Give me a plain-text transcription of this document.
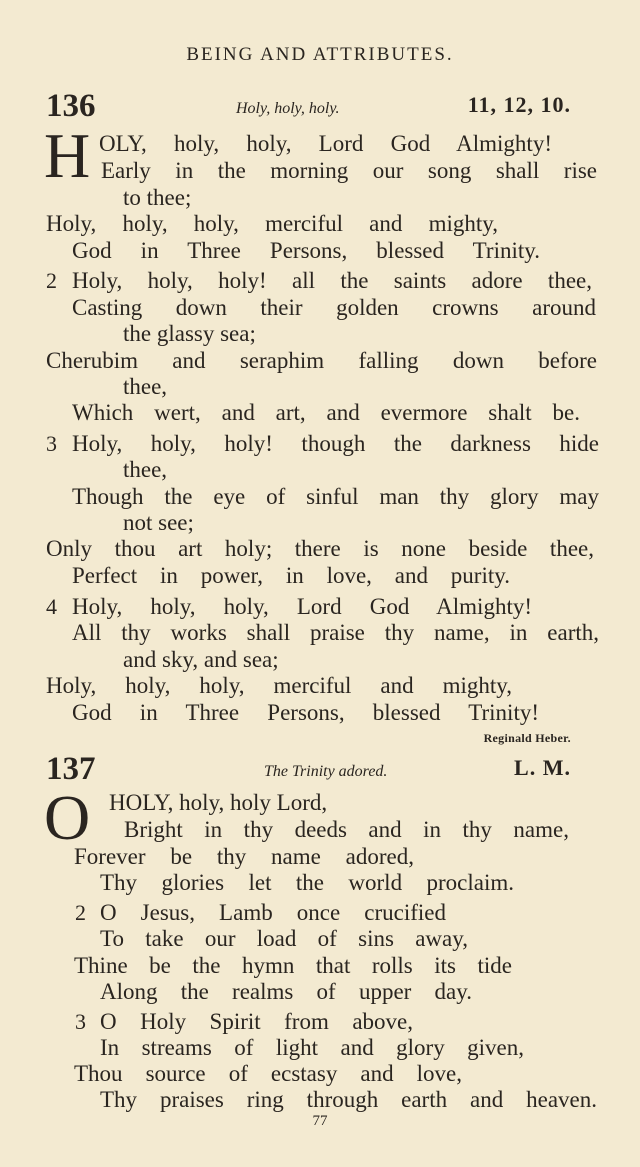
BEING AND ATTRIBUTES.
136	Holy, holy, holy.	11, 12, 10.
H OLY, holy, holy, Lord God Almighty!
Early in the morning our song shall rise
to thee;
Holy, holy, holy, merciful and mighty,
God in Three Persons, blessed Trinity.
2 Holy, holy, holy! all the saints adore thee,
Casting down their golden crowns around
the glassy sea;
Cherubim and seraphim falling down before
thee,
Which wert, and art, and evermore shalt be.
3 Holy, holy, holy! though the darkness hide
thee,
Though the eye of sinful man thy glory may
not see;
Only thou art holy; there is none beside thee,
Perfect in power, in love, and purity.
4 Holy, holy, holy, Lord God Almighty!
All thy works shall praise thy name, in earth,
and sky, and sea;
Holy, holy, holy, merciful and mighty,
God in Three Persons, blessed Trinity!
Reginald Heber.
137	The Trinity adored.	L. M.
O HOLY, holy, holy Lord,
Bright in thy deeds and in thy name,
Forever be thy name adored,
Thy glories let the world proclaim.
2 O Jesus, Lamb once crucified
To take our load of sins away,
Thine be the hymn that rolls its tide
Along the realms of upper day.
3 O Holy Spirit from above,
In streams of light and glory given,
Thou source of ecstasy and love,
Thy praises ring through earth and heaven.
77
